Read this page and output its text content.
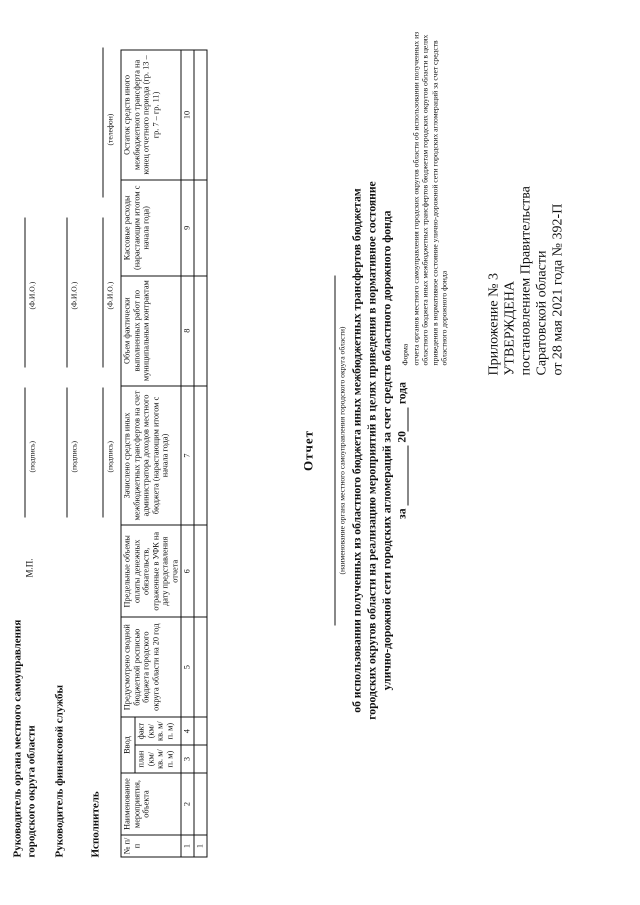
Приложение № 3 УТВЕРЖДЕНА постановлением Правительства Саратовской области от 28 мая 2021 года № 392-П
Форма отчета органов местного самоуправления городских округов области об использовании полученных из областного бюджета иных межбюджетных трансфертов бюджетам городских округов области в целях приведения в нормативное состояние улично-дорожной сети городских агломераций за счет средств областного дорожного фонда
Отчет	(наименование органа местного самоуправления городского округа области) об использовании полученных из областного бюджета иных межбюджетных трансфертов бюджетам городских округов области на реализацию мероприятий в целях приведения в нормативное состояние улично-дорожной сети городских агломераций за счет средств областного дорожного фонда за  20 года
№ п/п	Наименование мероприятия, объекта	Ввод		Предусмотрено сводной бюджетной росписью бюджета городского округа области на 20 год	Предельные объемы оплаты денежных обязательств, отраженные в УФК на дату представления отчета	Зачислено средств иных межбюджетных трансфертов на счет администратора доходов местного бюджета (нарастающим итогом с начала года)	Объем фактически выполненных работ по муниципальным контрактам	Кассовые расходы (нарастающим итогом с начала года)	Остаток средств иного межбюджетного трансферта на конец отчетного периода (гр. 13 – гр. 7 – гр. 11)
		план (км/ кв. м/ п. м)	факт (км/ кв. м/ п. м)						
1	2	3	4	5	6	7	8	9	10
1									
Руководитель органа местного самоуправления городского округа области
М.П.
(подпись)
(Ф.И.О.)
Руководитель финансовой службы
(подпись)
(Ф.И.О.)
Исполнитель
(подпись)
(Ф.И.О.)
(телефон)
